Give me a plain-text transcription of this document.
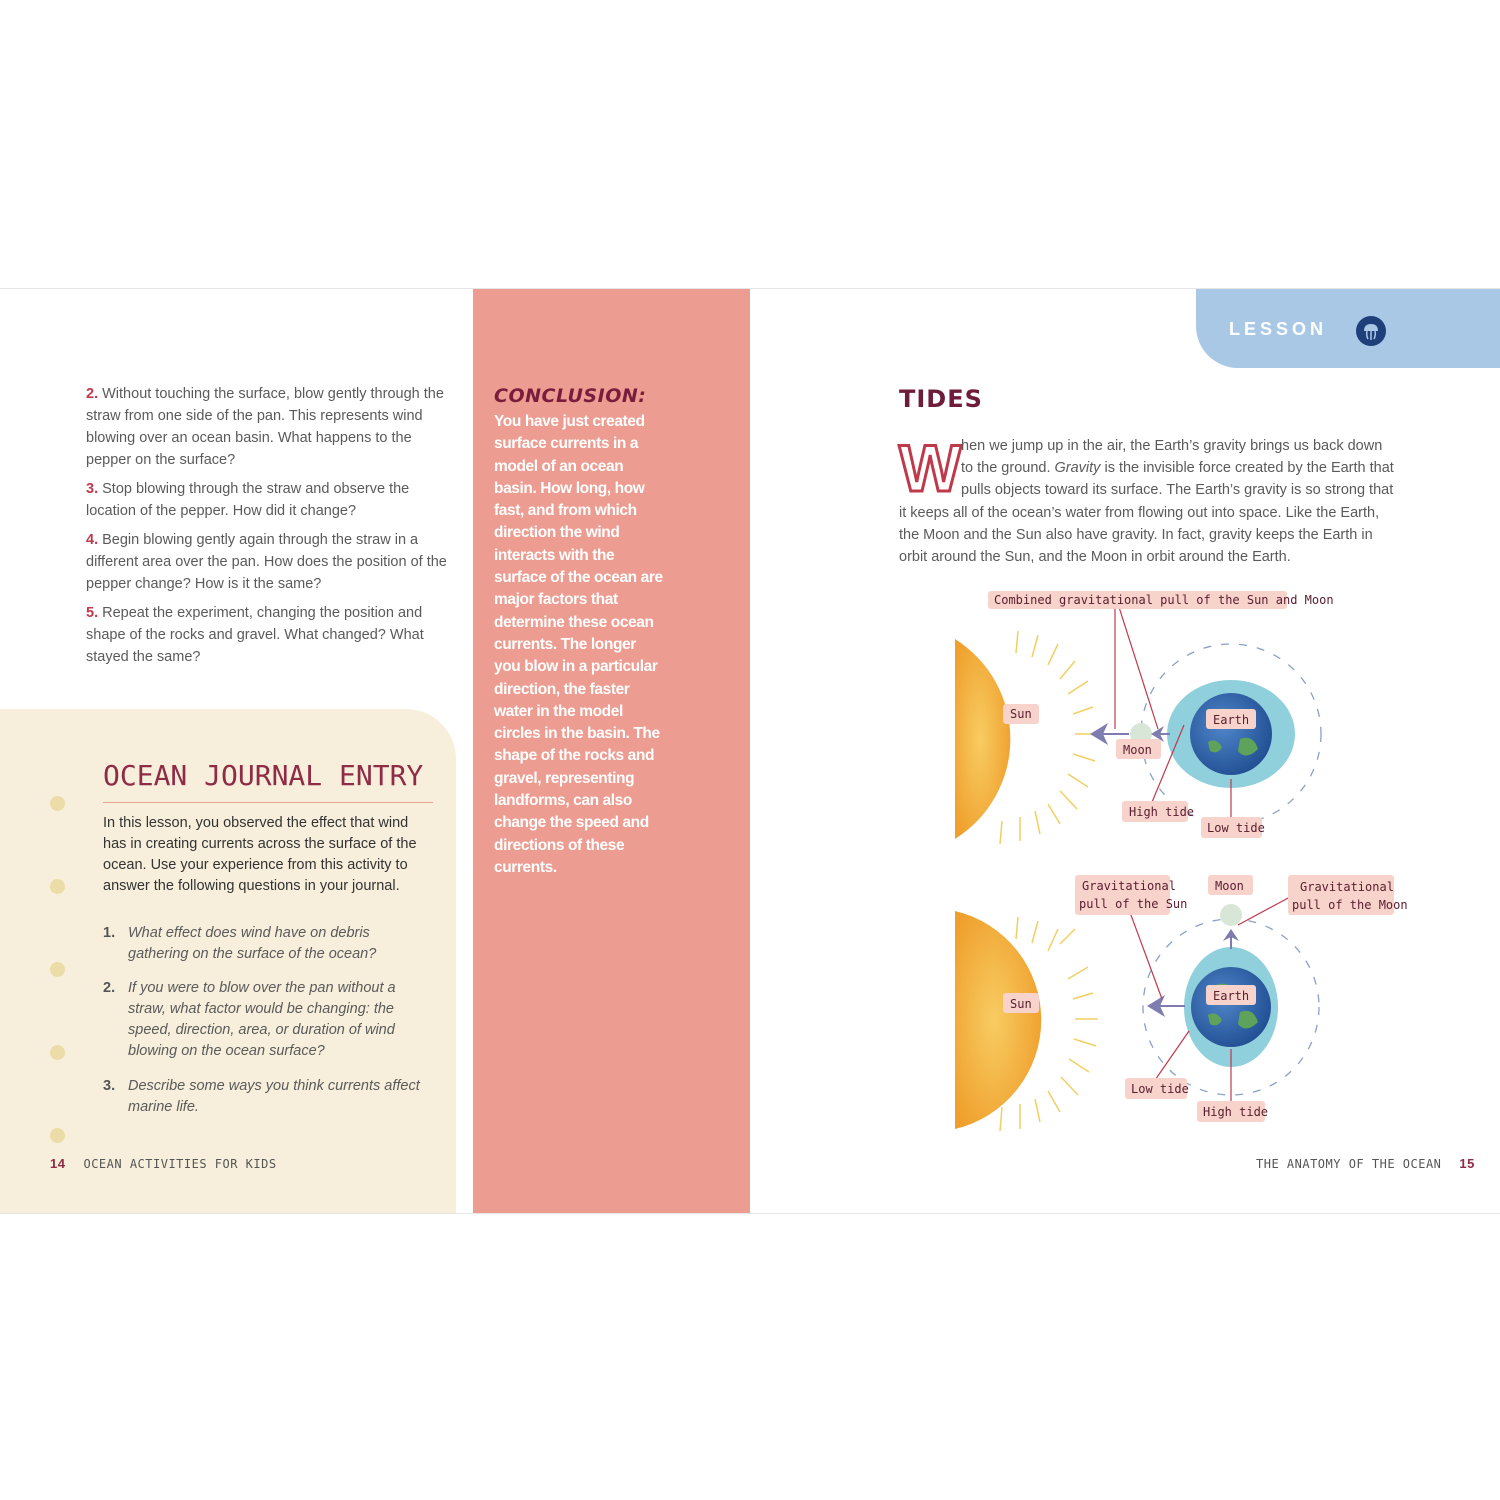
2. Without touching the surface, blow gently through the straw from one side of the pan. This represents wind blowing over an ocean basin. What happens to the pepper on the surface?

3. Stop blowing through the straw and observe the location of the pepper. How did it change?

4. Begin blowing gently again through the straw in a different area over the pan. How does the position of the pepper change? How is it the same?

5. Repeat the experiment, changing the position and shape of the rocks and gravel. What changed? What stayed the same?

OCEAN JOURNAL ENTRY
In this lesson, you observed the effect that wind has in creating currents across the surface of the ocean. Use your experience from this activity to answer the following questions in your journal.
1. What effect does wind have on debris gathering on the surface of the ocean?
2. If you were to blow over the pan without a straw, what factor would be changing: the speed, direction, area, or duration of wind blowing on the ocean surface?
3. Describe some ways you think currents affect marine life.
14 OCEAN ACTIVITIES FOR KIDS
CONCLUSION:
You have just created surface currents in a model of an ocean basin. How long, how fast, and from which direction the wind interacts with the surface of the ocean are major factors that determine these ocean currents. The longer you blow in a particular direction, the faster water in the model circles in the basin. The shape of the rocks and gravel, representing landforms, can also change the speed and directions of these currents.
LESSON
TIDES
W hen we jump up in the air, the Earth’s gravity brings us back down
to the ground. Gravity is the invisible force created by the Earth that
pulls objects toward its surface. The Earth’s gravity is so strong that
it keeps all of the ocean’s water from flowing out into space. Like the Earth,
the Moon and the Sun also have gravity. In fact, gravity keeps the Earth in
orbit around the Sun, and the Moon in orbit around the Earth.
Combined gravitational pull of the Sun and Moon
Sun	Earth
Moon
High tide
Low tide
Gravitational
pull of the Sun
Moon	Gravitational
pull of the Moon
Sun
Earth
Low tide
High tide
THE ANATOMY OF THE OCEAN 15
